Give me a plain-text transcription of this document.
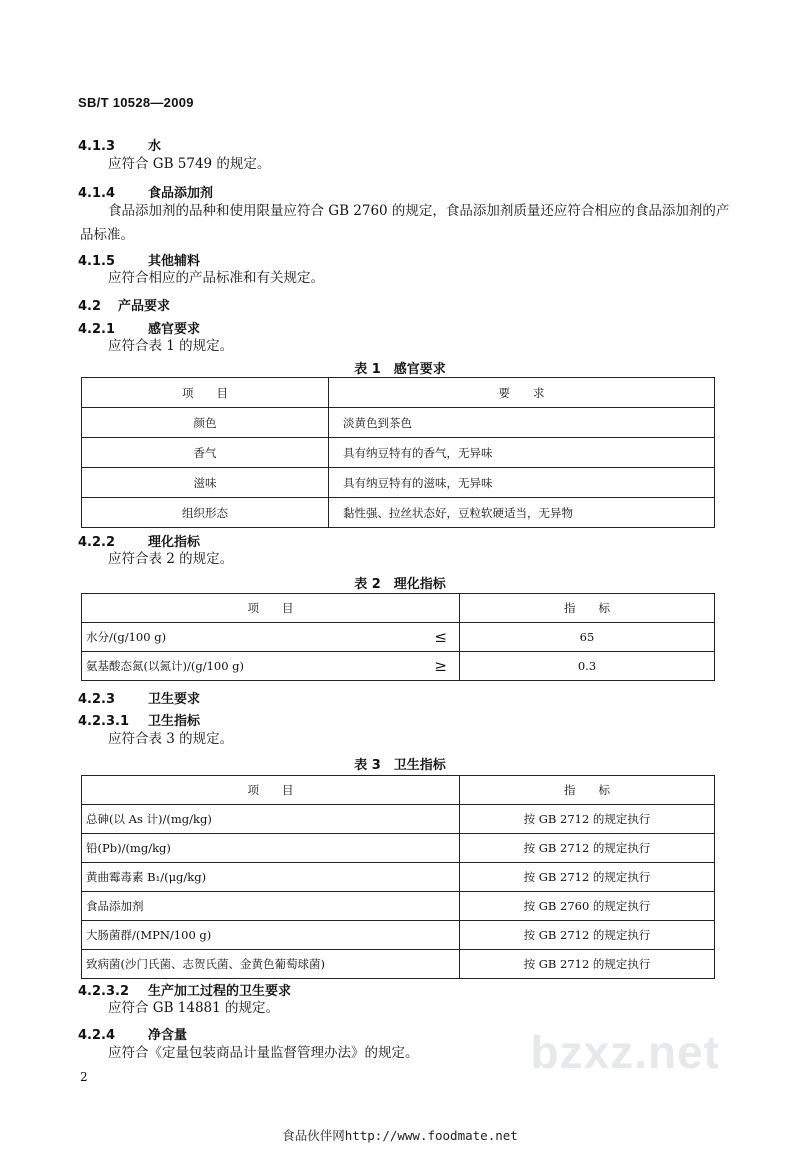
SB/T 10528—2009
4.1.3	水
应符合 GB 5749 的规定。
4.1.4	食品添加剂
食品添加剂的品种和使用限量应符合 GB 2760 的规定，食品添加剂质量还应符合相应的食品添加剂的产品标准。
4.1.5	其他辅料
应符合相应的产品标准和有关规定。
4.2 产品要求
4.2.1	感官要求
应符合表 1 的规定。
表 1　感官要求
项　　目	要　　求
颜色	淡黄色到茶色
香气	具有纳豆特有的香气，无异味
滋味	具有纳豆特有的滋味，无异味
组织形态	黏性强、拉丝状态好，豆粒软硬适当，无异物
4.2.2	理化指标
应符合表 2 的规定。
表 2　理化指标
项　　目	指　　标
水分/(g/100 g) ≤	65
氨基酸态氮(以氮计)/(g/100 g) ≥	0.3
4.2.3	卫生要求
4.2.3.1 卫生指标
应符合表 3 的规定。
表 3　卫生指标
项　　目	指　　标
总砷(以 As 计)/(mg/kg)	按 GB 2712 的规定执行
铅(Pb)/(mg/kg)	按 GB 2712 的规定执行
黄曲霉毒素 B₁/(μg/kg)	按 GB 2712 的规定执行
食品添加剂	按 GB 2760 的规定执行
大肠菌群/(MPN/100 g)	按 GB 2712 的规定执行
致病菌(沙门氏菌、志贺氏菌、金黄色葡萄球菌)	按 GB 2712 的规定执行
4.2.3.2 生产加工过程的卫生要求
应符合 GB 14881 的规定。
4.2.4	净含量
应符合《定量包装商品计量监督管理办法》的规定。 bzxz.net
2
食品伙伴网http://www.foodmate.net
